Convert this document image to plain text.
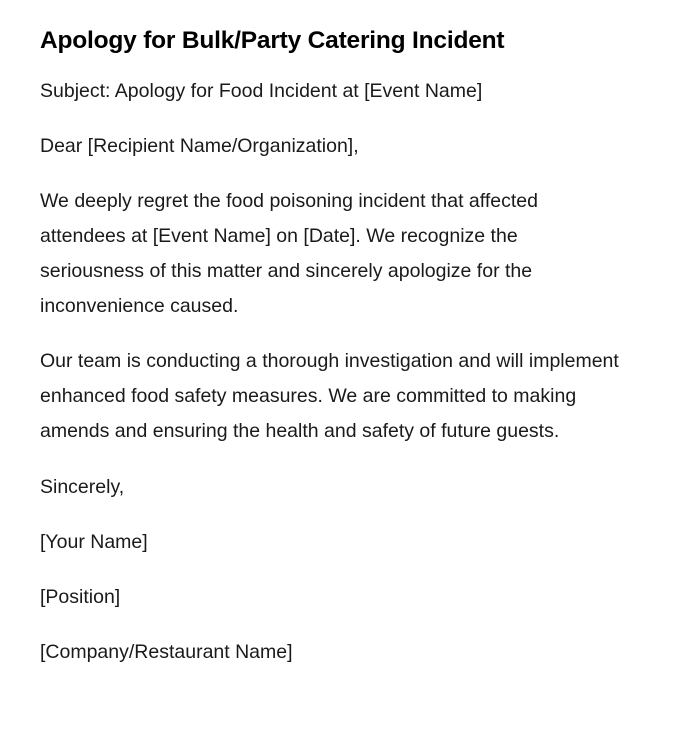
Apology for Bulk/Party Catering Incident

Subject: Apology for Food Incident at [Event Name]

Dear [Recipient Name/Organization],

We deeply regret the food poisoning incident that affected attendees at [Event Name] on [Date]. We recognize the seriousness of this matter and sincerely apologize for the inconvenience caused.

Our team is conducting a thorough investigation and will implement enhanced food safety measures. We are committed to making amends and ensuring the health and safety of future guests.

Sincerely,

[Your Name]

[Position]

[Company/Restaurant Name]
